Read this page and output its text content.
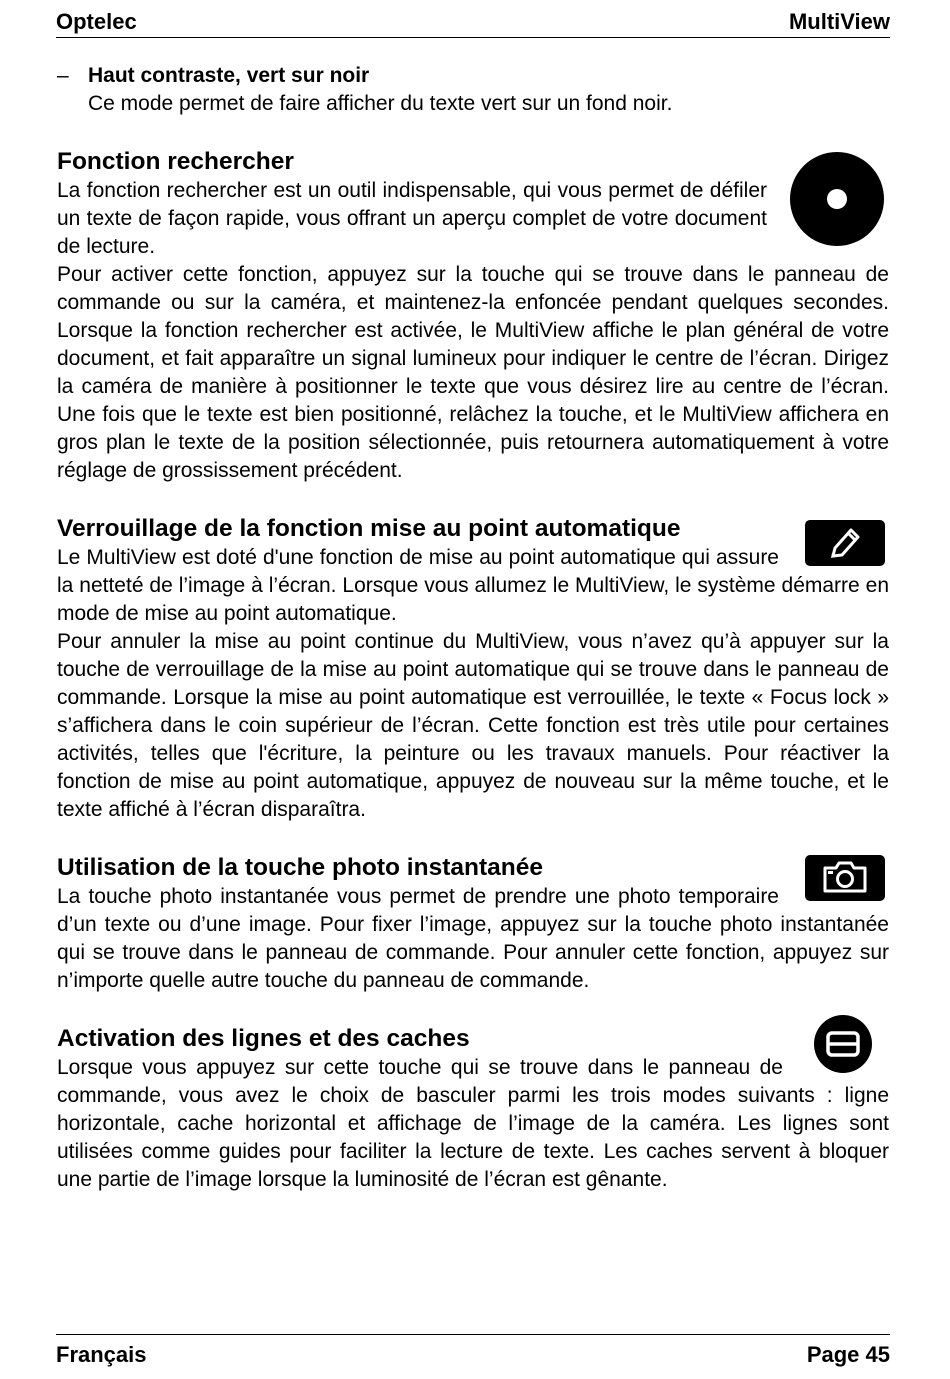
Optelec	MultiView
– Haut contraste, vert sur noir
Ce mode permet de faire afficher du texte vert sur un fond noir.
Fonction rechercher

La fonction rechercher est un outil indispensable, qui vous permet de défiler un texte de façon rapide, vous offrant un aperçu complet de votre document de lecture.

Pour activer cette fonction, appuyez sur la touche qui se trouve dans le panneau de commande ou sur la caméra, et maintenez-la enfoncée pendant quelques secondes. Lorsque la fonction rechercher est activée, le MultiView affiche le plan général de votre document, et fait apparaître un signal lumineux pour indiquer le centre de l’écran. Dirigez la caméra de manière à positionner le texte que vous désirez lire au centre de l’écran. Une fois que le texte est bien positionné, relâchez la touche, et le MultiView affichera en gros plan le texte de la position sélectionnée, puis retournera automatiquement à votre réglage de grossissement précédent.

Verrouillage de la fonction mise au point automatique

Le MultiView est doté d'une fonction de mise au point automatique qui assure la netteté de l’image à l’écran. Lorsque vous allumez le MultiView, le système démarre en mode de mise au point automatique.

Pour annuler la mise au point continue du MultiView, vous n’avez qu’à appuyer sur la touche de verrouillage de la mise au point automatique qui se trouve dans le panneau de commande. Lorsque la mise au point automatique est verrouillée, le texte « Focus lock » s’affichera dans le coin supérieur de l’écran. Cette fonction est très utile pour certaines activités, telles que l'écriture, la peinture ou les travaux manuels. Pour réactiver la fonction de mise au point automatique, appuyez de nouveau sur la même touche, et le texte affiché à l’écran disparaîtra.

Utilisation de la touche photo instantanée

La touche photo instantanée vous permet de prendre une photo temporaire d’un texte ou d’une image. Pour fixer l’image, appuyez sur la touche photo instantanée qui se trouve dans le panneau de commande. Pour annuler cette fonction, appuyez sur n’importe quelle autre touche du panneau de commande.

Activation des lignes et des caches

Lorsque vous appuyez sur cette touche qui se trouve dans le panneau de commande, vous avez le choix de basculer parmi les trois modes suivants : ligne horizontale, cache horizontal et affichage de l’image de la caméra. Les lignes sont utilisées comme guides pour faciliter la lecture de texte. Les caches servent à bloquer une partie de l’image lorsque la luminosité de l’écran est gênante.

Français	Page 45
